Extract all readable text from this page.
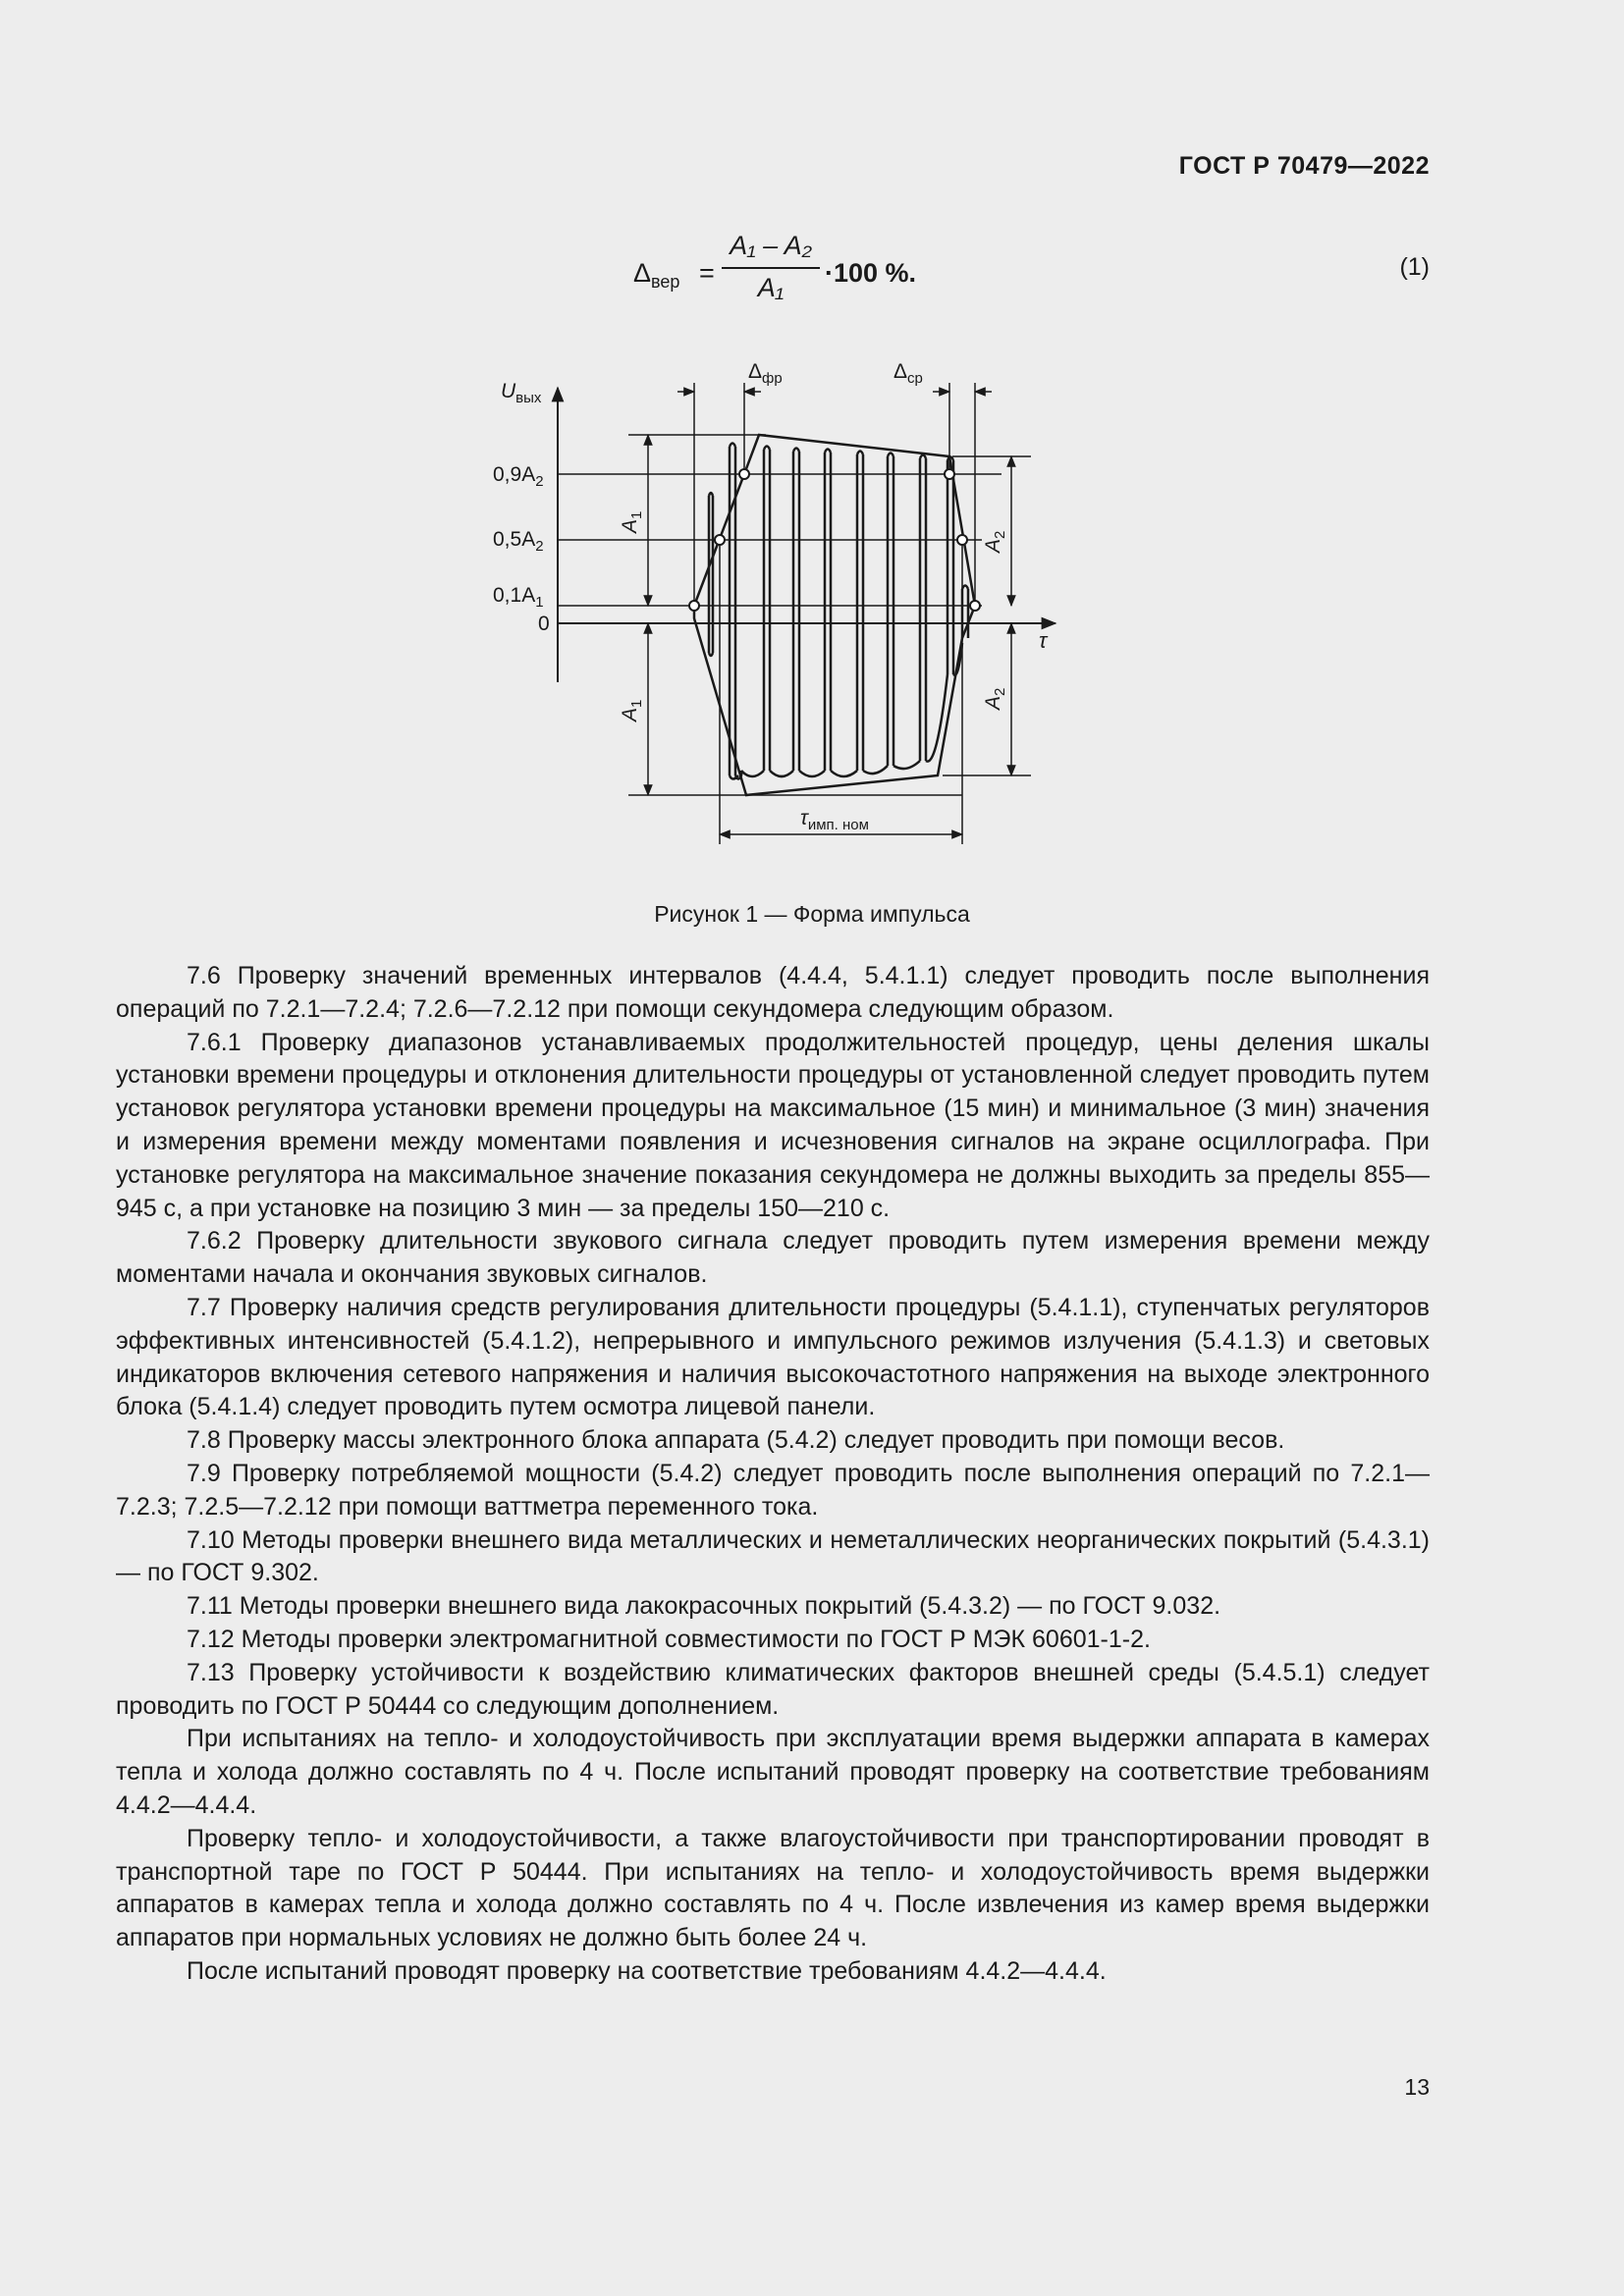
ГОСТ Р 70479—2022
$\Delta_{вер}$ =
A₁ – A₂
A₁	·100 %.	(1)
$U_{вых}$
τ
$0,9A_2$
$0,5A_2$
$0,1A_1$
0
$\Delta_{фр}$	$\Delta_{ср}$
$A_1$
$A_1$
$A_2$
$A_2$
$\tau_{имп. ном}$
Рисунок 1 — Форма импульса

7.6 Проверку значений временных интервалов (4.4.4, 5.4.1.1) следует проводить после выполнения операций по 7.2.1—7.2.4; 7.2.6—7.2.12 при помощи секундомера следующим образом.

7.6.1 Проверку диапазонов устанавливаемых продолжительностей процедур, цены деления шкалы установки времени процедуры и отклонения длительности процедуры от установленной следует проводить путем установок регулятора установки времени процедуры на максимальное (15 мин) и минимальное (3 мин) значения и измерения времени между моментами появления и исчезновения сигналов на экране осциллографа. При установке регулятора на максимальное значение показания секундомера не должны выходить за пределы 855—945 с, а при установке на позицию 3 мин — за пределы 150—210 с.

7.6.2 Проверку длительности звукового сигнала следует проводить путем измерения времени между моментами начала и окончания звуковых сигналов.

7.7 Проверку наличия средств регулирования длительности процедуры (5.4.1.1), ступенчатых регуляторов эффективных интенсивностей (5.4.1.2), непрерывного и импульсного режимов излучения (5.4.1.3) и световых индикаторов включения сетевого напряжения и наличия высокочастотного напряжения на выходе электронного блока (5.4.1.4) следует проводить путем осмотра лицевой панели.

7.8 Проверку массы электронного блока аппарата (5.4.2) следует проводить при помощи весов.

7.9 Проверку потребляемой мощности (5.4.2) следует проводить после выполнения операций по 7.2.1—7.2.3; 7.2.5—7.2.12 при помощи ваттметра переменного тока.

7.10 Методы проверки внешнего вида металлических и неметаллических неорганических покрытий (5.4.3.1) — по ГОСТ 9.302.

7.11 Методы проверки внешнего вида лакокрасочных покрытий (5.4.3.2) — по ГОСТ 9.032.

7.12 Методы проверки электромагнитной совместимости по ГОСТ Р МЭК 60601-1-2.

7.13 Проверку устойчивости к воздействию климатических факторов внешней среды (5.4.5.1) следует проводить по ГОСТ Р 50444 со следующим дополнением.

При испытаниях на тепло- и холодоустойчивость при эксплуатации время выдержки аппарата в камерах тепла и холода должно составлять по 4 ч. После испытаний проводят проверку на соответствие требованиям 4.4.2—4.4.4.

Проверку тепло- и холодоустойчивости, а также влагоустойчивости при транспортировании проводят в транспортной таре по ГОСТ Р 50444. При испытаниях на тепло- и холодоустойчивость время выдержки аппаратов в камерах тепла и холода должно составлять по 4 ч. После извлечения из камер время выдержки аппаратов при нормальных условиях не должно быть более 24 ч.

После испытаний проводят проверку на соответствие требованиям 4.4.2—4.4.4.

13
